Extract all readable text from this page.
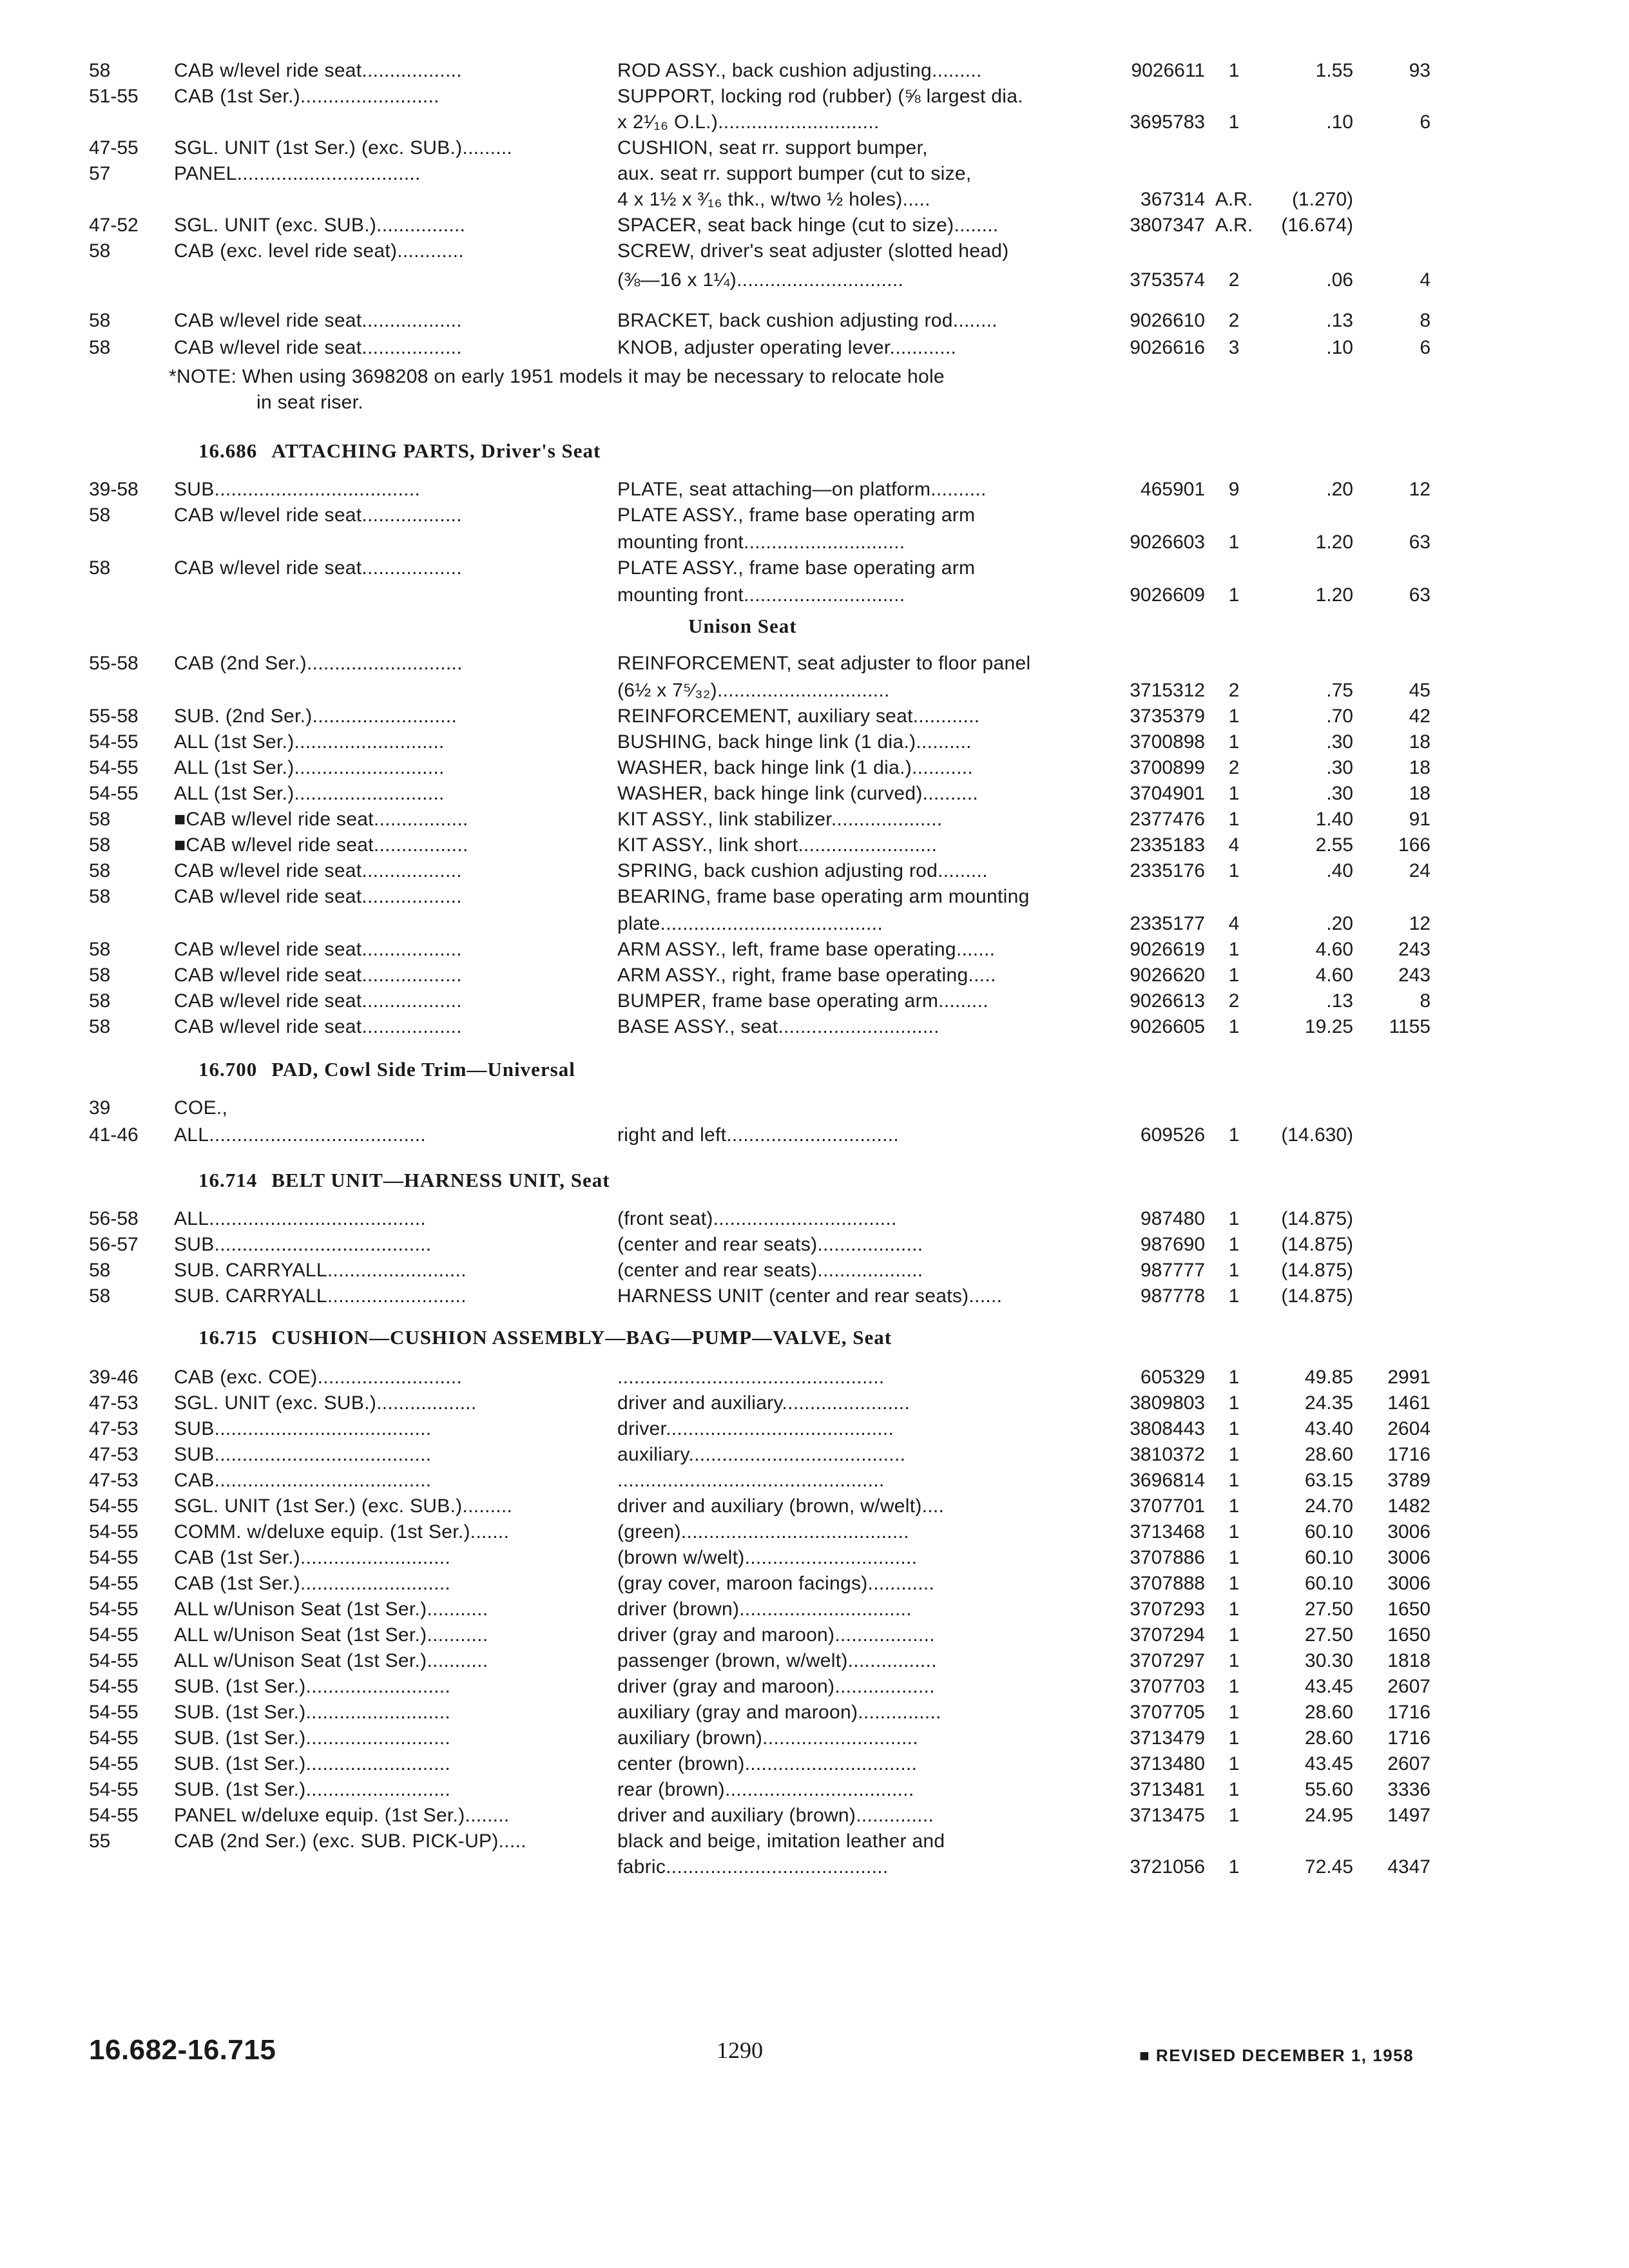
58	CAB w/level ride seat..................	ROD ASSY., back cushion adjusting.........	9026611	1	1.55	93
51-55	CAB (1st Ser.).........................	SUPPORT, locking rod (rubber) (⅝ largest dia.
x 2¹⁄₁₆ O.L.).............................	3695783	1	.10	6
47-55	SGL. UNIT (1st Ser.) (exc. SUB.).........	CUSHION, seat rr. support bumper,
57	PANEL.................................	aux. seat rr. support bumper (cut to size,
4 x 1½ x ³⁄₁₆ thk., w/two ½ holes).....	367314 A.R.	(1.270)
47-52	SGL. UNIT (exc. SUB.)................	SPACER, seat back hinge (cut to size)........	3807347 A.R.	(16.674)
58	CAB (exc. level ride seat)............	SCREW, driver's seat adjuster (slotted head)
(⅜—16 x 1¼)..............................	3753574	2	.06	4
58	CAB w/level ride seat..................	BRACKET, back cushion adjusting rod........	9026610	2	.13	8
58	CAB w/level ride seat..................	KNOB, adjuster operating lever............	9026616	3	.10	6
39-58	SUB.....................................	PLATE, seat attaching—on platform..........	465901	9	.20	12
58	CAB w/level ride seat..................	PLATE ASSY., frame base operating arm
mounting front.............................	9026603	1	1.20	63
58	CAB w/level ride seat..................	PLATE ASSY., frame base operating arm
mounting front.............................	9026609	1	1.20	63
55-58	CAB (2nd Ser.)............................	REINFORCEMENT, seat adjuster to floor panel
(6½ x 7⁵⁄₃₂)...............................	3715312	2	.75	45
55-58	SUB. (2nd Ser.)..........................	REINFORCEMENT, auxiliary seat............	3735379	1	.70	42
54-55	ALL (1st Ser.)...........................	BUSHING, back hinge link (1 dia.)..........	3700898	1	.30	18
54-55	ALL (1st Ser.)...........................	WASHER, back hinge link (1 dia.)...........	3700899	2	.30	18
54-55	ALL (1st Ser.)...........................	WASHER, back hinge link (curved)..........	3704901	1	.30	18
58	■CAB w/level ride seat.................	KIT ASSY., link stabilizer....................	2377476	1	1.40	91
58	■CAB w/level ride seat.................	KIT ASSY., link short.........................	2335183	4	2.55	166
58	CAB w/level ride seat..................	SPRING, back cushion adjusting rod.........	2335176	1	.40	24
58	CAB w/level ride seat..................	BEARING, frame base operating arm mounting
plate........................................	2335177	4	.20	12
58	CAB w/level ride seat..................	ARM ASSY., left, frame base operating.......	9026619	1	4.60	243
58	CAB w/level ride seat..................	ARM ASSY., right, frame base operating.....	9026620	1	4.60	243
58	CAB w/level ride seat..................	BUMPER, frame base operating arm.........	9026613	2	.13	8
58	CAB w/level ride seat..................	BASE ASSY., seat.............................	9026605	1	19.25	1155
39	COE.,
41-46	ALL.......................................	right and left...............................	609526	1	(14.630)
56-58	ALL.......................................	(front seat).................................	987480	1	(14.875)
56-57	SUB.......................................	(center and rear seats)...................	987690	1	(14.875)
58	SUB. CARRYALL.........................	(center and rear seats)...................	987777	1	(14.875)
58	SUB. CARRYALL.........................	HARNESS UNIT (center and rear seats)......	987778	1	(14.875)
39-46	CAB (exc. COE)..........................	................................................	605329	1	49.85	2991
47-53	SGL. UNIT (exc. SUB.)..................	driver and auxiliary.......................	3809803	1	24.35	1461
47-53	SUB.......................................	driver.........................................	3808443	1	43.40	2604
47-53	SUB.......................................	auxiliary.......................................	3810372	1	28.60	1716
47-53	CAB.......................................	................................................	3696814	1	63.15	3789
54-55	SGL. UNIT (1st Ser.) (exc. SUB.).........	driver and auxiliary (brown, w/welt)....	3707701	1	24.70	1482
54-55	COMM. w/deluxe equip. (1st Ser.).......	(green).........................................	3713468	1	60.10	3006
54-55	CAB (1st Ser.)...........................	(brown w/welt)...............................	3707886	1	60.10	3006
54-55	CAB (1st Ser.)...........................	(gray cover, maroon facings)............	3707888	1	60.10	3006
54-55	ALL w/Unison Seat (1st Ser.)...........	driver (brown)...............................	3707293	1	27.50	1650
54-55	ALL w/Unison Seat (1st Ser.)...........	driver (gray and maroon)..................	3707294	1	27.50	1650
54-55	ALL w/Unison Seat (1st Ser.)...........	passenger (brown, w/welt)................	3707297	1	30.30	1818
54-55	SUB. (1st Ser.)..........................	driver (gray and maroon)..................	3707703	1	43.45	2607
54-55	SUB. (1st Ser.)..........................	auxiliary (gray and maroon)...............	3707705	1	28.60	1716
54-55	SUB. (1st Ser.)..........................	auxiliary (brown)............................	3713479	1	28.60	1716
54-55	SUB. (1st Ser.)..........................	center (brown)...............................	3713480	1	43.45	2607
54-55	SUB. (1st Ser.)..........................	rear (brown)..................................	3713481	1	55.60	3336
54-55	PANEL w/deluxe equip. (1st Ser.)........	driver and auxiliary (brown)..............	3713475	1	24.95	1497
55	CAB (2nd Ser.) (exc. SUB. PICK-UP).....	black and beige, imitation leather and
fabric........................................	3721056	1	72.45	4347
*NOTE: When using 3698208 on early 1951 models it may be necessary to relocate hole
in seat riser.
16.686 ATTACHING PARTS, Driver's Seat
Unison Seat
16.700 PAD, Cowl Side Trim—Universal
16.714 BELT UNIT—HARNESS UNIT, Seat
16.715 CUSHION—CUSHION ASSEMBLY—BAG—PUMP—VALVE, Seat
16.682-16.715	1290	■ REVISED DECEMBER 1, 1958
